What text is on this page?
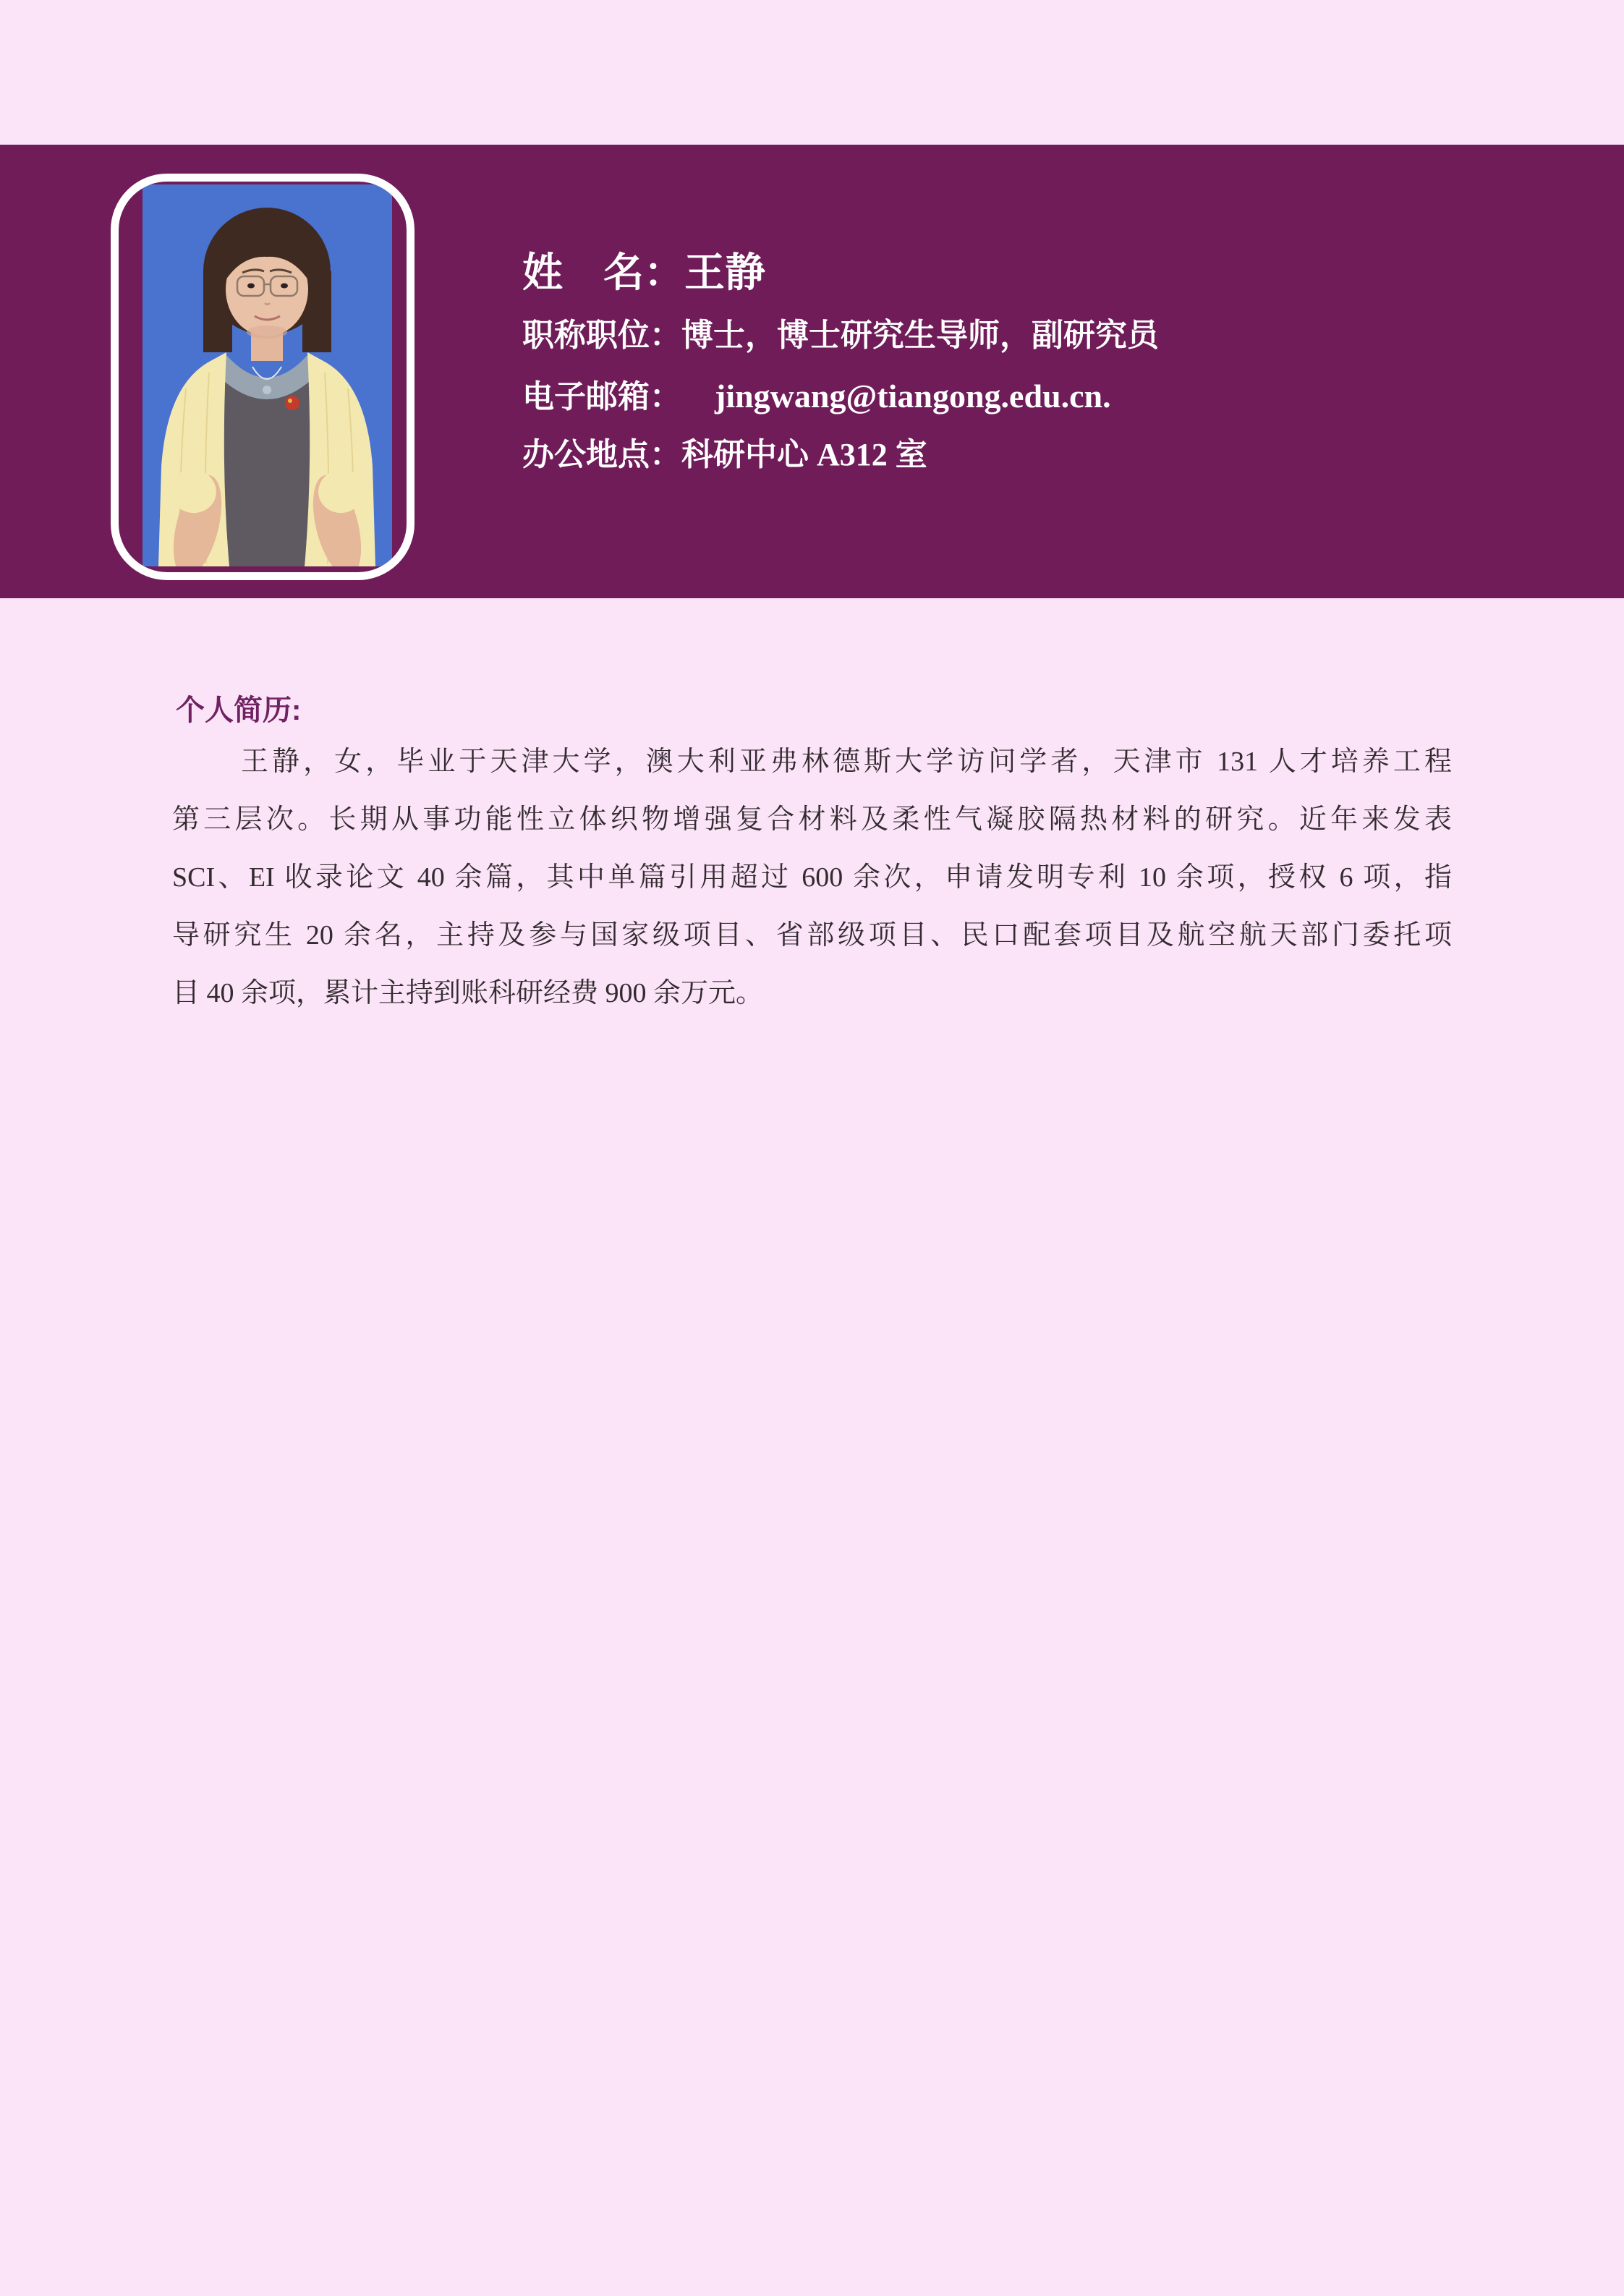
姓　名：王静
职称职位：博士，博士研究生导师，副研究员
电子邮箱： jingwang@tiangong.edu.cn.
办公地点：科研中心 A312 室
个人简历:

王静，女，毕业于天津大学，澳大利亚弗林德斯大学访问学者，天津市 131 人才培养工程

第三层次。长期从事功能性立体织物增强复合材料及柔性气凝胶隔热材料的研究。近年来发表

SCI、EI 收录论文 40 余篇，其中单篇引用超过 600 余次，申请发明专利 10 余项，授权 6 项，指

导研究生 20 余名，主持及参与国家级项目、省部级项目、民口配套项目及航空航天部门委托项

目 40 余项，累计主持到账科研经费 900 余万元。
